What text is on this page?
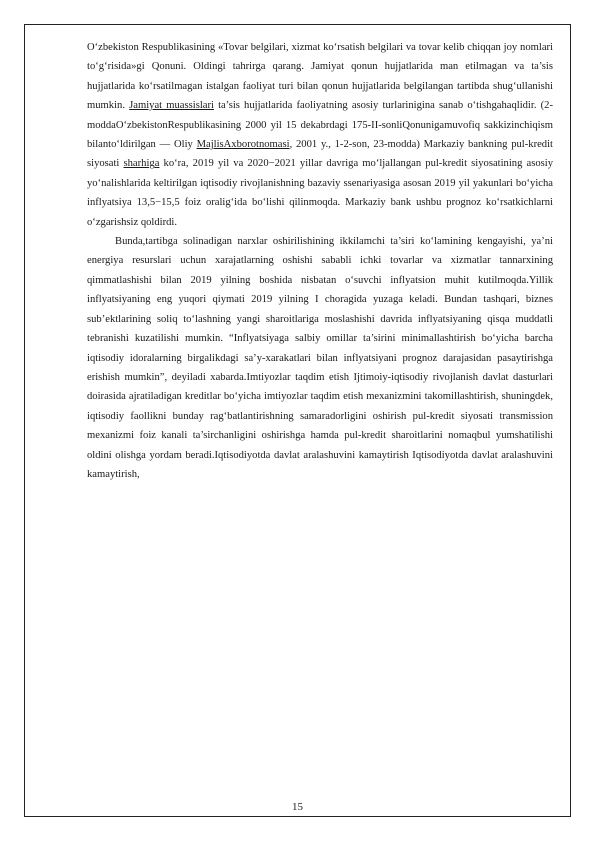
O‘zbekiston Respublikasining «Tovar belgilari, xizmat ko‘rsatish belgilari va tovar kelib chiqqan joy nomlari to‘g‘risida»gi Qonuni. Oldingi tahrirga qarang. Jamiyat qonun hujjatlarida man etilmagan va ta’sis hujjatlarida ko‘rsatilmagan istalgan faoliyat turi bilan qonun hujjatlarida belgilangan tartibda shug‘ullanishi mumkin. Jamiyat muassislari ta’sis hujjatlarida faoliyatning asosiy turlarinigina sanab o‘tishgahaqlidir. (2-moddaO‘zbekistonRespublikasining 2000 yil 15 dekabrdagi 175-II-sonliQonunigamuvofiq sakkizinchiqism bilanto‘ldirilgan — Oliy MajlisAxborotnomasi, 2001 y., 1-2-son, 23-modda) Markaziy bankning pul-kredit siyosati sharhiga ko‘ra, 2019 yil va 2020−2021 yillar davriga mo‘ljallangan pul-kredit siyosatining asosiy yo‘nalishlarida keltirilgan iqtisodiy rivojlanishning bazaviy ssenariyasiga asosan 2019 yil yakunlari bo‘yicha inflyatsiya 13,5−15,5 foiz oralig‘ida bo‘lishi qilinmoqda. Markaziy bank ushbu prognoz ko‘rsatkichlarni o‘zgarishsiz qoldirdi.

Bunda,tartibga solinadigan narxlar oshirilishining ikkilamchi ta’siri ko‘lamining kengayishi, ya’ni energiya resurslari uchun xarajatlarning oshishi sababli ichki tovarlar va xizmatlar tannarxining qimmatlashishi bilan 2019 yilning boshida nisbatan o‘suvchi inflyatsion muhit kutilmoqda.Yillik inflyatsiyaning eng yuqori qiymati 2019 yilning I choragida yuzaga keladi. Bundan tashqari, biznes sub’ektlarining soliq to‘lashning yangi sharoitlariga moslashishi davrida inflyatsiyaning qisqa muddatli tebranishi kuzatilishi mumkin. “Inflyatsiyaga salbiy omillar ta’sirini minimallashtirish bo‘yicha barcha iqtisodiy idoralarning birgalikdagi sa’y-xarakatlari bilan inflyatsiyani prognoz darajasidan pasaytirishga erishish mumkin”, deyiladi xabarda.Imtiyozlar taqdim etish Ijtimoiy-iqtisodiy rivojlanish davlat dasturlari doirasida ajratiladigan kreditlar bo‘yicha imtiyozlar taqdim etish mexanizmini takomillashtirish, shuningdek, iqtisodiy faollikni bunday rag‘batlantirishning samaradorligini oshirish pul-kredit siyosati transmission mexanizmi foiz kanali ta’sirchanligini oshirishga hamda pul-kredit sharoitlarini nomaqbul yumshatilishi oldini olishga yordam beradi.Iqtisodiyotda davlat aralashuvini kamaytirish Iqtisodiyotda davlat aralashuvini kamaytirish,

15
